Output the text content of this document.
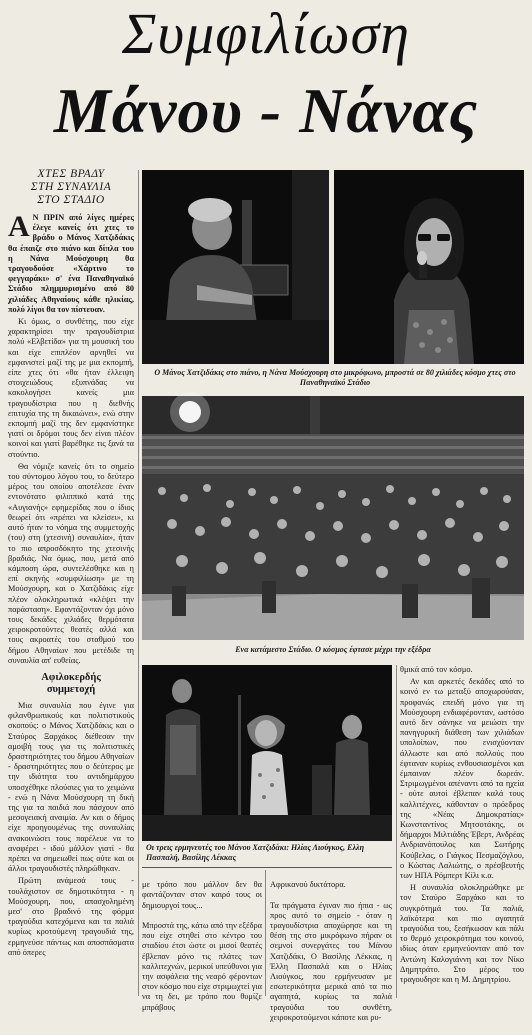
Συμφιλίωση
Μάνου - Νάνας
ΧΤΕΣ ΒΡΑΔΥ
ΣΤΗ ΣΥΝΑΥΛΙΑ
ΣΤΟ ΣΤΑΔΙΟ

Α Ν ΠΡΙΝ από λίγες ημέρες έλεγε κανείς ότι χτες το βράδυ ο Μάνος Χατζιδάκις θα έπαιζε στο πιάνο και δίπλα του η Νάνα Μούσχουρη θα τραγουδούσε «Χάρτινο το φεγγαράκι» σ' ένα Παναθηναϊκό Στάδιο πλημμυρισμένο από 80 χιλιάδες Αθηναίους κάθε ηλικίας, πολύ λίγοι θα τον πίστευαν.

Κι όμως, ο συνθέτης, που είχε χαρακτηρίσει την τραγουδίστρια πολύ «Ελβετίδα» για τη μουσική του και είχε επιπλέον αρνηθεί να εμφανιστεί μαζί της με μια εκπομπή, είπε χτες ότι «θα ήταν έλλειψη στοιχειώδους εξυπνάδας να κακολογήσει κανείς μια τραγουδίστρια που η διεθνής επιτυχία της τη δικαιώνει», ενώ στην εκπομπή μαζί της δεν εμφανίστηκε γιατί οι δρόμοι τους δεν είναι πλέον κοινοί και γιατί βαρέθηκε τις ξανά τα στούντιο.

Θα νόμιζε κανείς ότι το σημείο του σύντομου λόγου του, το δεύτερο μέρος του οποίου αποτέλεσε έναν εντονότατο φιλιππικό κατά της «Αυγιανής» εφημερίδας που ο ίδιος θεωρεί ότι «πρέπει να κλείσει», κι αυτό ήταν το νόημα της συμμετοχής (του) στη (χτεσινή) συναυλία», ήταν το πιο απροσδόκητο της χτεσινής βραδιάς. Να όμως, που, μετά από κάμποση ώρα, συντελέσθηκε και η επί σκηνής «συμφιλίωση» με τη Μούσχουρη, και ο Χατζιδάκις είχε πλέον ολοκληρωτικά «κλέψει την παράσταση». Εφαντάζονταν όχι μόνο τους δεκάδες χιλιάδες θερμότατα χειροκροτούντες θεατές αλλά και τους ακροατές του σταθμού του δήμου Αθηναίων που μετέδιδε τη συναυλία απ' ευθείας.

Αφιλοκερδής
συμμετοχή

Μια συναυλία που έγινε για φιλανθρωπικούς και πολιτιστικούς σκοπούς: ο Μάνος Χατζιδάκις και ο Σταύρος Ξαρχάκος διέθεσαν την αμοιβή τους για τις πολιτιστικές δραστηριότητες του δήμου Αθηναίων - δραστηριότητες που ο δεύτερος με την ιδιότητα του αντιδημάρχου υποσχέθηκε πλούσιες για το χειμώνα - ενώ η Νάνα Μούσχουρη τη δική της για τα παιδιά που πάσχουν από μεσογειακή αναιμία. Αν και ο δήμος είχε προηγουμένως της συναυλίας ανακοινώσει τους παρέλευε να το αναφέρει - ιδού μάλλον γιατί - θα πρέπει να σημειωθεί πως ούτε και οι άλλοι τραγουδιστές πληρώθηκαν.

Πρώτη ανάμεσά τους - τουλάχιστον σε δημοτικότητα - η Μούσχουρη, που, απασχολημένη μεσ' στο βραδινό της φόρμα τραγούδια κατεχόμενα και τα παλιά κυρίως κροτούμενη τραγουδιά της, ερμηνεύσε πάντως και αποσπάσματα από όπερες

Ο Μάνος Χατζιδάκις στο πιάνο, η Νάνα Μούσχουρη στο μικρόφωνο, μπροστά σε 80 χιλιάδες κόσμο χτες στο Παναθηναϊκό Στάδιο
Ενα κατάμεστο Στάδιο. Ο κόσμος έφτασε μέχρι την εξέδρα
Οι τρεις ερμηνευτές του Μάνου Χατζιδάκι: Ηλίας Λιούγκος, Ελλη Πασπαλή, Βασίλης Λέκκας

με τρόπο που μάλλον δεν θα φαντάζονταν στον καιρό τους οι δημιουργοί τους...

Μπροστά της, κάτω από την εξέδρα που είχε στηθεί στο κέντρο του σταδίου έτσι ώστε οι μισοί θεατές έβλεπαν μόνο τις πλάτες των καλλιτεχνών, μερικοί υπεύθυνοι για την ασφάλεια της νεαρό φέροντων στον κόσμο που είχε στριμωχτεί για να τη δει, με τρόπο που θυμίζε μπράβους

Αφρικανού δικτάτορα.

Τα πράγματα έγιναν πιο ήπια - ως προς αυτό το σημείο - όταν η τραγουδίστρια αποχώρησε και τη θέση της στο μικρόφωνο πήραν οι σεμνοί συνεργάτες του Μάνου Χατζιδάκι, Ο Βασίλης Λέκκας, η Έλλη Πασπαλά και ο Ηλίας Λιούγκος, που ερμήνευσαν με εσωτερικότητα μερικά από τα πιο αγαπητά, κυρίως τα παλιά τραγούδια του συνθέτη, χειροκροτούμενοι κάποτε και ρυ-

θμικά από τον κόσμο.

Αν και αρκετές δεκάδες από το κοινό εν τω μεταξύ αποχωρούσαν, προφανώς επειδή μόνο για τη Μούσχουρη ενδιαφέρονταν, ωστόσο αυτό δεν σάνηκε να μειώσει την πανηγυρική διάθεση των χιλιάδων υπολοίπων, που ενισχύονταν άλλωστε και από πολλούς που έφταναν κυρίως ενθουσιασμένοι και έμπαιναν πλέον δωρεάν. Στριμωγμένοι απέναντι από τα ηχεία - ούτε αυτοί έβλεπαν καλά τους καλλιτέχνες, κάθονταν ο πρόεδρος της «Νέας Δημοκρατίας» Κωνσταντίνος Μητσοτάκης, οι δήμαρχοι Μιλτιάδης Έβερτ, Ανδρέας Ανδριανόπουλος και Σωτήρης Κούβελας, ο Γιάγκος Πεσμαζόγλου, ο Κώστας Λαλιώτης, ο πρέσβευτής των ΗΠΑ Ρόμπερτ Κίλι κ.α.

Η συναυλία ολοκληρώθηκε με τον Σταύρο Ξαρχάκο και το συγκρότημά του. Τα παλιά, λαϊκότερα και πιο αγαπητά τραγούδια του, ξεσήκωσαν και πάλι το θερμό χειροκρότημα του κοινού, ιδίως όταν ερμηνεύονταν από τον Αντώνη Καλογιάννη και τον Νίκο Δημητράτο. Στο μέρος του τραγουδησε και η Μ. Δημητρίου.
